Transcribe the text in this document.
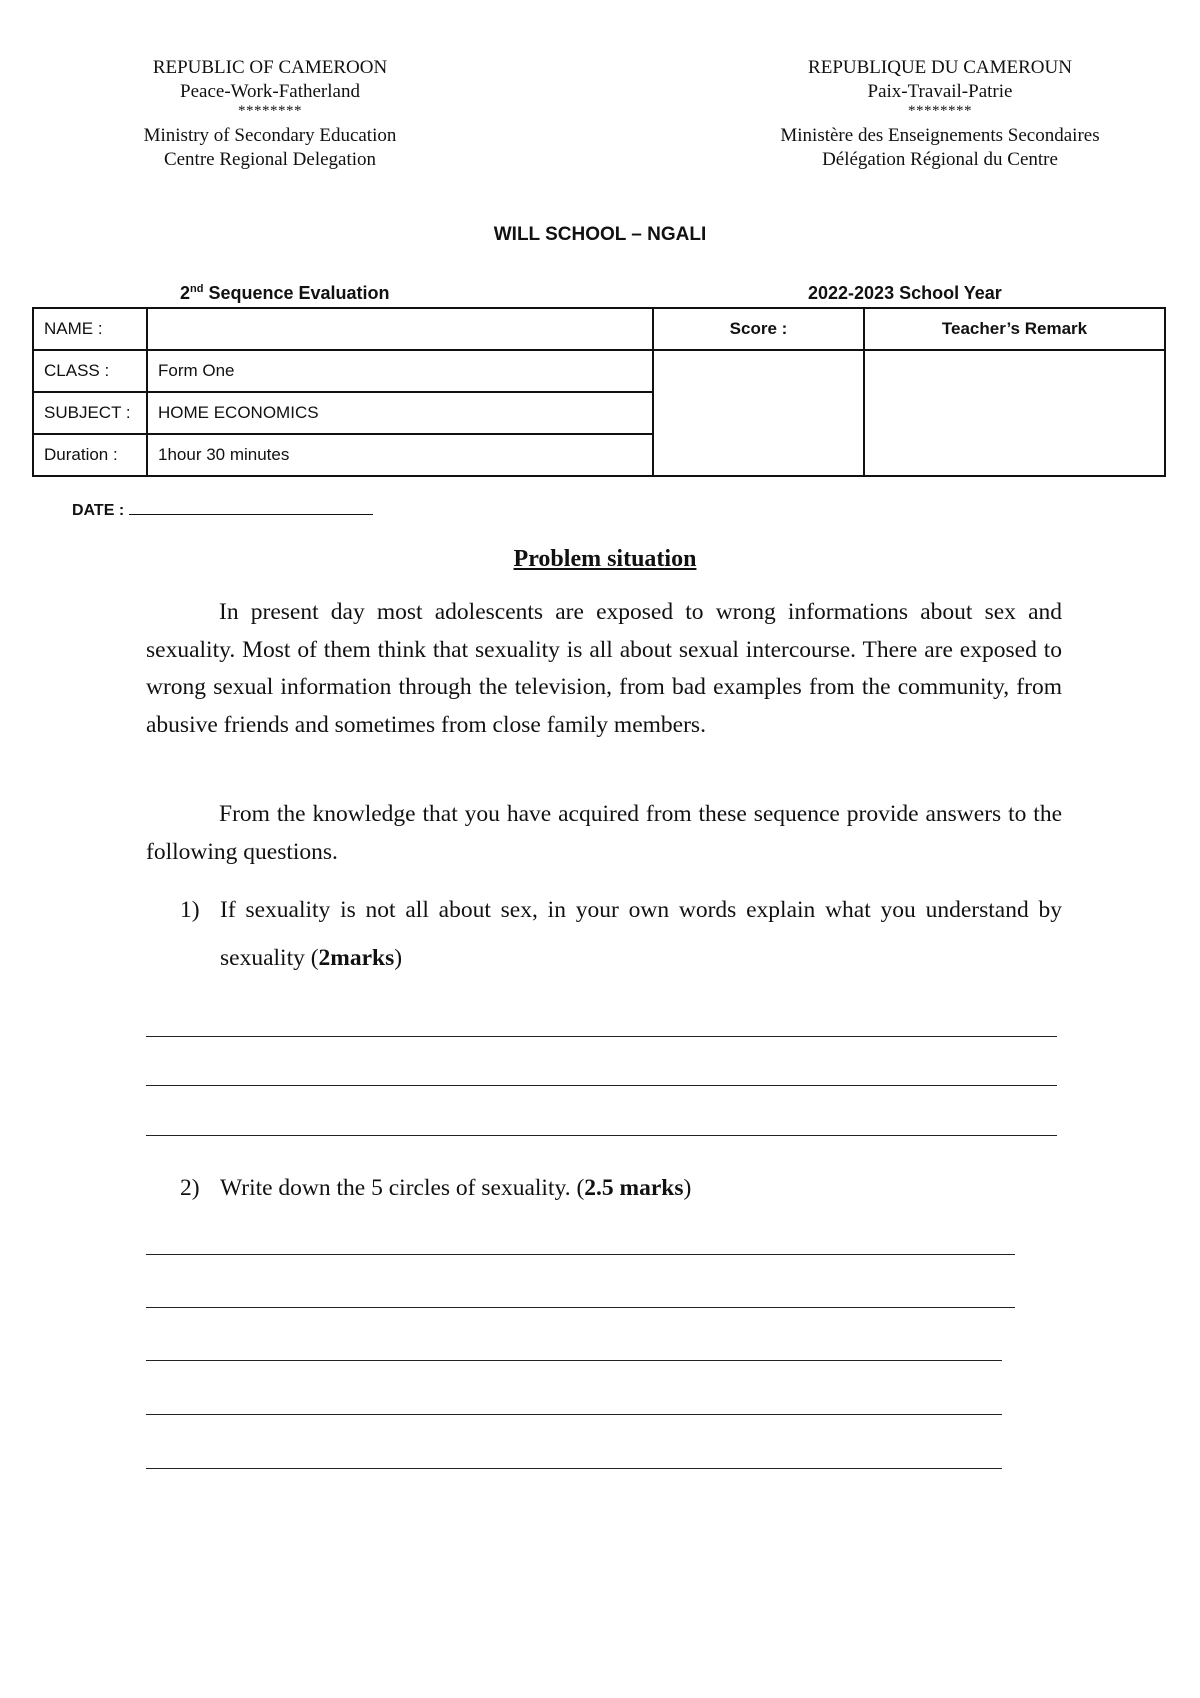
REPUBLIC OF CAMEROON
Peace-Work-Fatherland
********
Ministry of Secondary Education
Centre Regional Delegation
REPUBLIQUE DU CAMEROUN
Paix-Travail-Patrie
********
Ministère des Enseignements Secondaires
Délégation Régional du Centre
WILL SCHOOL – NGALI
2nd Sequence Evaluation	2022-2023 School Year
NAME :		Score :	Teacher’s Remark
CLASS :	Form One		
SUBJECT :	HOME ECONOMICS		
Duration :	1hour 30 minutes		
DATE :
Problem situation

In present day most adolescents are exposed to wrong informations about sex and sexuality. Most of them think that sexuality is all about sexual intercourse. There are exposed to wrong sexual information through the television, from bad examples from the community, from abusive friends and sometimes from close family members.

From the knowledge that you have acquired from these sequence provide answers to the following questions.

1) If sexuality is not all about sex, in your own words explain what you understand by sexuality (2marks)
2) Write down the 5 circles of sexuality. (2.5 marks)
